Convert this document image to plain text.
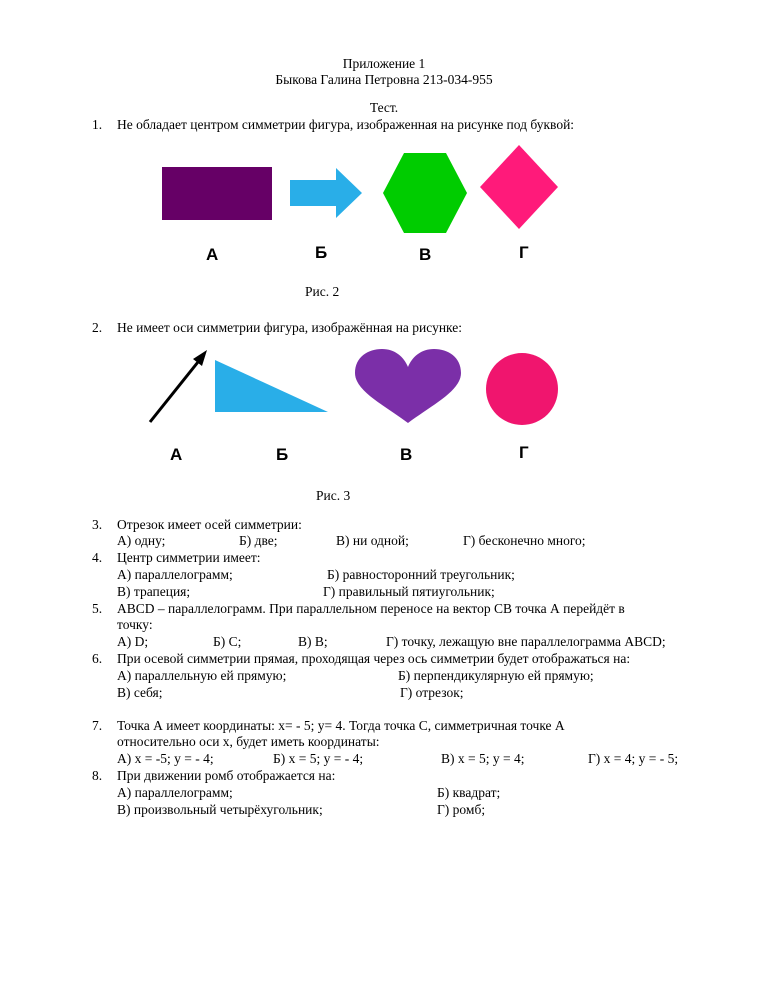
Приложение 1
Быкова Галина Петровна 213-034-955
Тест.
1. Не обладает центром симметрии фигура, изображенная на рисунке под буквой:
А	Б	В	Г
Рис. 2
2. Не имеет оси симметрии фигура, изображённая на рисунке:
А	Б	В	Г
Рис. 3
3. Отрезок имеет осей симметрии:
А) одну;	Б) две;	В) ни одной;	Г) бесконечно много;
4. Центр симметрии имеет:
А) параллелограмм;	Б) равносторонний треугольник;
В) трапеция;	Г) правильный пятиугольник;
5. ABCD – параллелограмм. При параллельном переносе на вектор CB точка А перейдёт в
точку:
А) D;	Б) С;	В) B;	Г) точку, лежащую вне параллелограмма ABCD;
6. При осевой симметрии прямая, проходящая через ось симметрии будет отображаться на:
А) параллельную ей прямую;	Б) перпендикулярную ей прямую;
В) себя;	Г) отрезок;
7. Точка А имеет координаты: х= - 5; у= 4. Тогда точка С, симметричная точке А
относительно оси х, будет иметь координаты:
А) х = -5; у = - 4;	Б) х = 5; у = - 4;	В) х = 5; у = 4;	Г) х = 4; у = - 5;
8. При движении ромб отображается на:
А) параллелограмм;	Б) квадрат;
В) произвольный четырёхугольник;	Г) ромб;
